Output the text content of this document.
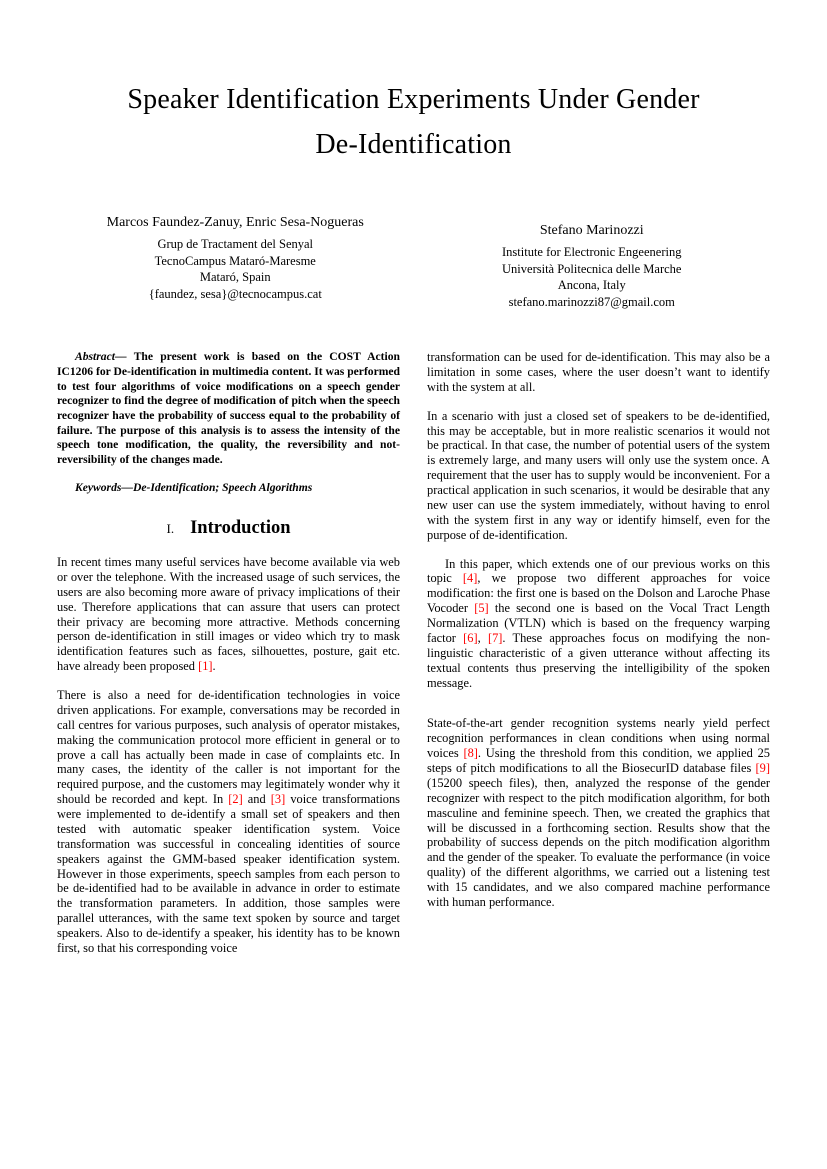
Speaker Identification Experiments Under Gender
De-Identification
Marcos Faundez-Zanuy, Enric Sesa-Nogueras
Grup de Tractament del Senyal
TecnoCampus Mataró-Maresme
Mataró, Spain
{faundez, sesa}@tecnocampus.cat
Stefano Marinozzi
Institute for Electronic Engeenering
Università Politecnica delle Marche
Ancona, Italy
stefano.marinozzi87@gmail.com

Abstract— The present work is based on the COST Action IC1206 for De-identification in multimedia content. It was performed to test four algorithms of voice modifications on a speech gender recognizer to find the degree of modification of pitch when the speech recognizer have the probability of success equal to the probability of failure. The purpose of this analysis is to assess the intensity of the speech tone modification, the quality, the reversibility and not-reversibility of the changes made.

Keywords—De-Identification; Speech Algorithms

I. Introduction

In recent times many useful services have become available via web or over the telephone. With the increased usage of such services, the users are also becoming more aware of privacy implications of their use. Therefore applications that can assure that users can protect their privacy are becoming more attractive. Methods concerning person de-identification in still images or video which try to mask identification features such as faces, silhouettes, posture, gait etc. have already been proposed [1].

There is also a need for de-identification technologies in voice driven applications. For example, conversations may be recorded in call centres for various purposes, such analysis of operator mistakes, making the communication protocol more efficient in general or to prove a call has actually been made in case of complaints etc. In many cases, the identity of the caller is not important for the required purpose, and the customers may legitimately wonder why it should be recorded and kept. In [2] and [3] voice transformations were implemented to de-identify a small set of speakers and then tested with automatic speaker identification system. Voice transformation was successful in concealing identities of source speakers against the GMM-based speaker identification system. However in those experiments, speech samples from each person to be de-identified had to be available in advance in order to estimate the transformation parameters. In addition, those samples were parallel utterances, with the same text spoken by source and target speakers. Also to de-identify a speaker, his identity has to be known first, so that his corresponding voice

transformation can be used for de-identification. This may also be a limitation in some cases, where the user doesn’t want to identify with the system at all.

In a scenario with just a closed set of speakers to be de-identified, this may be acceptable, but in more realistic scenarios it would not be practical. In that case, the number of potential users of the system is extremely large, and many users will only use the system once. A requirement that the user has to supply would be inconvenient. For a practical application in such scenarios, it would be desirable that any new user can use the system immediately, without having to enrol with the system first in any way or identify himself, even for the purpose of de-identification.

In this paper, which extends one of our previous works on this topic [4], we propose two different approaches for voice modification: the first one is based on the Dolson and Laroche Phase Vocoder [5] the second one is based on the Vocal Tract Length Normalization (VTLN) which is based on the frequency warping factor [6], [7]. These approaches focus on modifying the non-linguistic characteristic of a given utterance without affecting its textual contents thus preserving the intelligibility of the spoken message.

State-of-the-art gender recognition systems nearly yield perfect recognition performances in clean conditions when using normal voices [8]. Using the threshold from this condition, we applied 25 steps of pitch modifications to all the BiosecurID database files [9] (15200 speech files), then, analyzed the response of the gender recognizer with respect to the pitch modification algorithm, for both masculine and feminine speech. Then, we created the graphics that will be discussed in a forthcoming section. Results show that the probability of success depends on the pitch modification algorithm and the gender of the speaker. To evaluate the performance (in voice quality) of the different algorithms, we carried out a listening test with 15 candidates, and we also compared machine performance with human performance.
